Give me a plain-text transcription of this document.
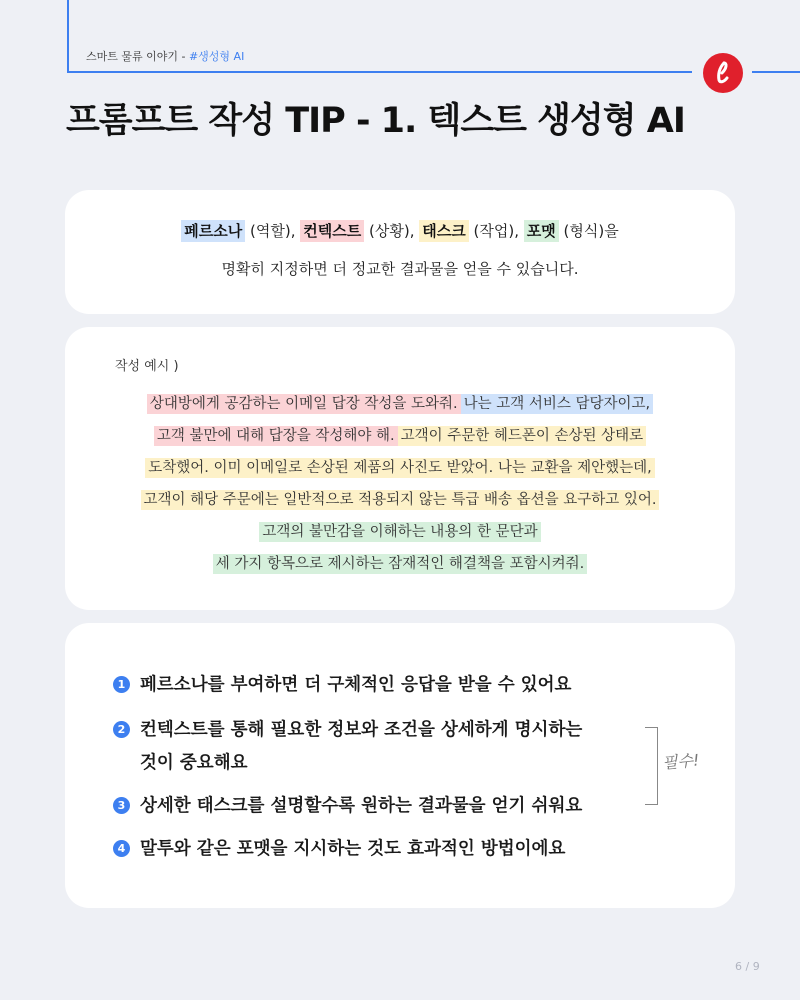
스마트 물류 이야기 - #생성형 AI
프롬프트 작성 TIP - 1. 텍스트 생성형 AI
페르소나 (역할), 컨텍스트 (상황), 태스크 (작업), 포맷 (형식)을
명확히 지정하면 더 정교한 결과물을 얻을 수 있습니다.
작성 예시 )
상대방에게 공감하는 이메일 답장 작성을 도와줘. 나는 고객 서비스 담당자이고,
고객 불만에 대해 답장을 작성해야 해. 고객이 주문한 헤드폰이 손상된 상태로
도착했어. 이미 이메일로 손상된 제품의 사진도 받았어. 나는 교환을 제안했는데,
고객이 해당 주문에는 일반적으로 적용되지 않는 특급 배송 옵션을 요구하고 있어.
고객의 불만감을 이해하는 내용의 한 문단과
세 가지 항목으로 제시하는 잠재적인 해결책을 포함시켜줘.
1 페르소나를 부여하면 더 구체적인 응답을 받을 수 있어요
2 컨텍스트를 통해 필요한 정보와 조건을 상세하게 명시하는
것이 중요해요
3 상세한 태스크를 설명할수록 원하는 결과물을 얻기 쉬워요
4 말투와 같은 포맷을 지시하는 것도 효과적인 방법이에요
필수!
6 / 9
